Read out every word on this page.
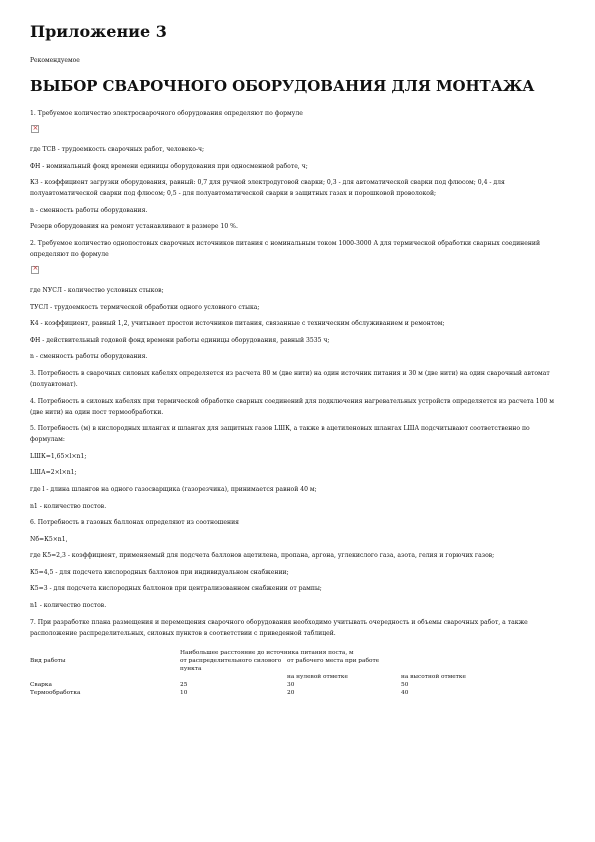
Приложение 3
Рекомендуемое
ВЫБОР СВАРОЧНОГО ОБОРУДОВАНИЯ ДЛЯ МОНТАЖА

1. Требуемое количество электросварочного оборудования определяют по формуле

×

где ТСВ - трудоемкость сварочных работ, человеко-ч;

ФН - номинальный фонд времени единицы оборудования при односменной работе, ч;

К3 - коэффициент загрузки оборудования, равный: 0,7 для ручной электродуговой сварки; 0,3 - для автоматической сварки под флюсом; 0,4 - для полуавтоматической сварки под флюсом; 0,5 - для полуавтоматической сварки в защитных газах и порошковой проволокой;

n - сменность работы оборудования.

Резерв оборудования на ремонт устанавливают в размере 10 %.

2. Требуемое количество однопостовых сварочных источников питания с номинальным током 1000-3000 А для термической обработки сварных соединений определяют по формуле

×

где NУСЛ - количество условных стыков;

ТУСЛ - трудоемкость термической обработки одного условного стыка;

К4 - коэффициент, равный 1,2, учитывает простои источников питания, связанные с техническим обслуживанием и ремонтом;

ФН - действительный годовой фонд времени работы единицы оборудования, равный 3535 ч;

n - сменность работы оборудования.

3. Потребность в сварочных силовых кабелях определяется из расчета 80 м (две нити) на один источник питания и 30 м (две нити) на один сварочный автомат (полуавтомат).

4. Потребность в силовых кабелях при термической обработке сварных соединений для подключения нагревательных устройств определяется из расчета 100 м (две нити) на один пост термообработки.

5. Потребность (м) в кислородных шлангах и шлангах для защитных газов LШК, а также в ацетиленовых шлангах LША подсчитывают соответственно по формулам:

LШК=1,65×l×n1;

LША=2×l×n1;

где l - длина шлангов на одного газосварщика (газорезчика), принимается равной 40 м;

n1 - количество постов.

6. Потребность в газовых баллонах определяют из соотношения

Nб=К5×n1,

где К5=2,3 - коэффициент, применяемый для подсчета баллонов ацетилена, пропана, аргона, углекислого газа, азота, гелия и горючих газов;

К5=4,5 - для подсчета кислородных баллонов при индивидуальном снабжении;

К5=3 - для подсчета кислородных баллонов при централизованном снабжении от рампы;

n1 - количество постов.

7. При разработке плана размещения и перемещения сварочного оборудования необходимо учитывать очередность и объемы сварочных работ, а также расположение распределительных, силовых пунктов в соответствии с приведенной таблицей.

Вид работы	Наибольшее расстояние до источника питания поста, м		
	от распределительного силового пункта	от рабочего места при работе	
		на нулевой отметке	на высотной отметке
Сварка	25	30	50
Термообработка	10	20	40
